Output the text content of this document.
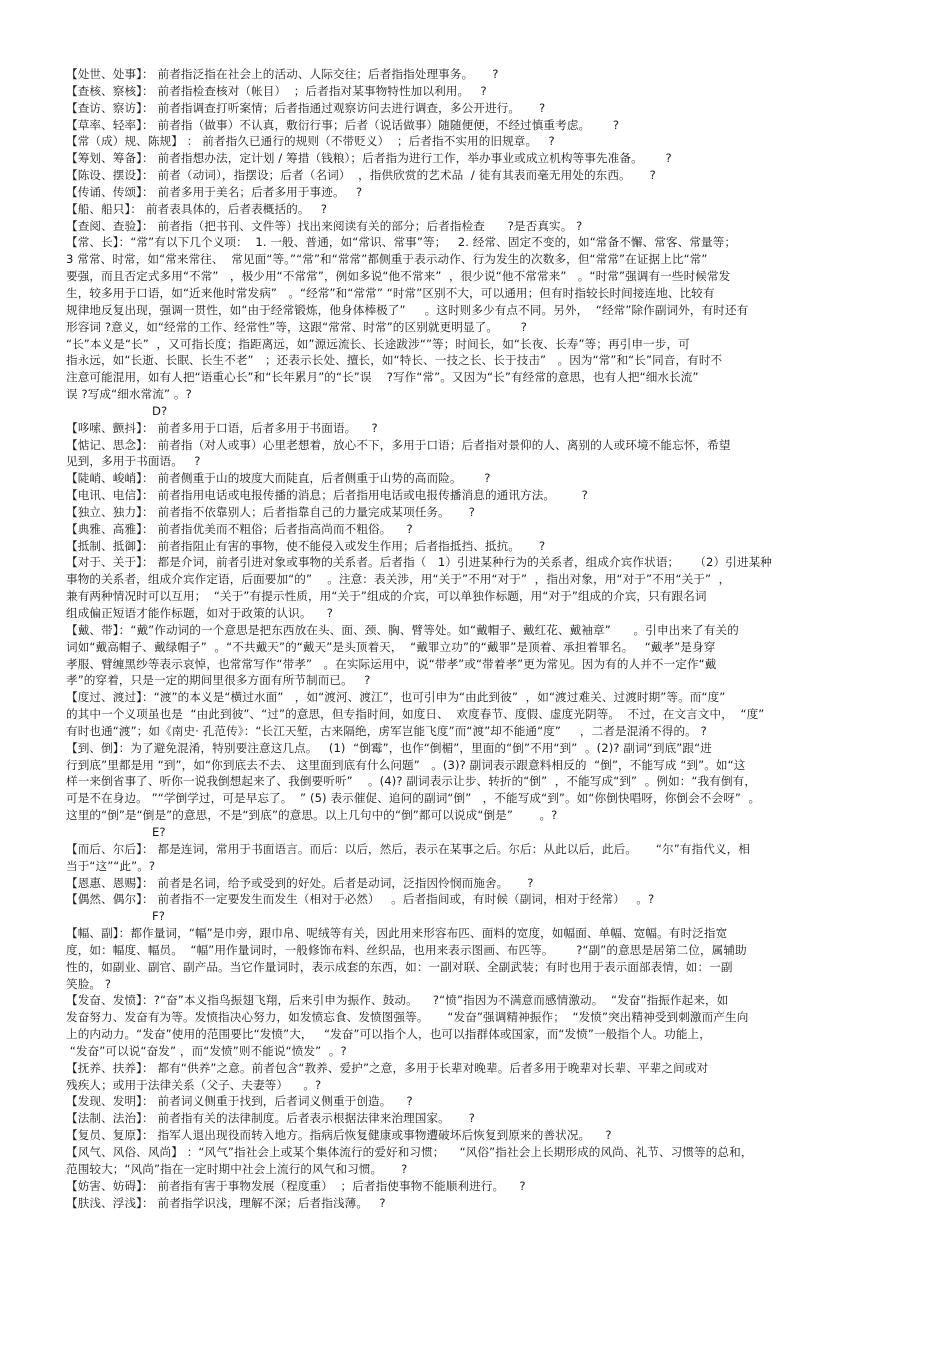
【处世、处事】： 前者指泛指在社会上的活动、人际交往；后者指指处理事务。     ?
【查核、察核】： 前者指检查核对（帐目）  ；后者指对某事物特性加以利用。   ?
【查访、察访】： 前者指调查打听案情；后者指通过观察访问去进行调查，多公开进行。     ?
【草率、轻率】： 前者指（做事）不认真，敷衍行事；后者（说话做事）随随便便，不经过慎重考虑。      ?
【常（成）规、陈规】 ： 前者指久已通行的规则（不带贬义）  ；后者指不实用的旧规章。   ?
【筹划、筹备】： 前者指想办法，定计划 / 筹措（钱粮）；后者指为进行工作，举办事业或成立机构等事先准备。      ?
【陈设、摆设】： 前者（动词），指摆设；后者（名词）  ，指供欣赏的艺术品  / 徒有其表而毫无用处的东西。     ?
【传诵、传颂】： 前者多用于美名；后者多用于事迹。   ?
【船、船只】： 前者表具体的，后者表概括的。   ?
【查阅、查验】： 前者指（把书刊、文件等）找出来阅读有关的部分；后者指检查      ?是否真实。 ?
【常、长】：“常”有以下几个义项：  1. 一般、普通，如“常识、常事”等；   2. 经常、固定不变的，如“常备不懈、常客、常量等；
3 常常、时常，如“常来常往、  常见面“等。”“常”和“常常”都侧重于表示动作、行为发生的次数多，但“常常”在证据上比“常”
要强，而且否定式多用“不常”   ，极少用“不常常”，例如多说“他不常来”  ，很少说“他不常常来”   。“时常”强调有一些时候常发
生，较多用于口语，如“近来他时常发病”   。“经常”和“常常” “时常”区别不大，可以通用；但有时指较长时间接连地、比较有
规律地反复出现，强调一贯性，如“由于经常锻炼，他身体棒极了”     。这时则多少有点不同。另外，  “经常”除作副词外，有时还有
形容词 ?意义，如“经常的工作、经常性”等，这跟“常常、时常”的区别就更明显了。      ?
“长”本义是“长”  ，又可指长度；指距离远，如”源远流长、长途跋涉“”等；时间长，如“长夜、长寿”等；再引申一步，可
指永远，如“长逝、长眠、长生不老”   ；还表示长处、擅长，如“特长、一技之长、长于技击”   。因为“常”和“长”同音，有时不
注意可能混用，如有人把“语重心长”和“长年累月”的“长”误    ?写作“常”。又因为“长”有经常的意思，也有人把“细水长流”
误 ?写成“细水常流” 。?
D?
【哆嗦、颤抖】： 前者多用于口语，后者多用于书面语。    ?
【惦记、思念】： 前者指（对人或事）心里老想着，放心不下，多用于口语；后者指对景仰的人、离别的人或环境不能忘怀，希望
见到，多用于书面语。   ?
【陡峭、峻峭】： 前者侧重于山的坡度大而陡直，后者侧重于山势的高而险。      ?
【电讯、电信】： 前者指用电话或电报传播的消息；后者指用电话或电报传播消息的通讯方法。       ?
【独立、独力】： 前者指不依靠别人；后者指靠自己的力量完成某项任务。     ?
【典雅、高雅】： 前者指优美而不粗俗；后者指高尚而不粗俗。    ?
【抵制、抵御】： 前者指阻止有害的事物，使不能侵入或发生作用；后者指抵挡、抵抗。     ?
【对于、关于】： 都是介词，前者引进对象或事物的关系者。后者指（   1）引进某种行为的关系者，组成介宾作状语；    （2）引进某种
事物的关系者，组成介宾作定语，后面要加“的”    。注意：表关涉，用“关于”不用“对于”  ，指出对象，用“对于”不用“关于”  ，
兼有两种情况时可以互用；  “关于”有提示性质，用“关于”组成的介宾，可以单独作标题，用“对于”组成的介宾，只有跟名词
组成偏正短语才能作标题，如对于政策的认识。    ?
【戴、带】：“戴”作动词的一个意思是把东西放在头、面、颈、胸、臂等处。如“戴帽子、戴红花、戴袖章”      。引申出来了有关的
词如“戴高帽子、戴绿帽子”  。“不共戴天”的“戴天”是头顶着天，  “戴罪立功”的“戴罪”是顶着、承担着罪名。   “戴孝”是身穿
孝服、臂缠黑纱等表示哀悼，也常常写作“带孝”   。在实际运用中，说“带孝”或“带着孝”更为常见。因为有的人并不一定作“戴
孝”的穿着，只是一定的期间里很多方面有所节制而已。   ?
【度过、渡过】：“渡”的本义是“横过水面”   ，如“渡河、渡江”，也可引申为“由此到彼”  ，如“渡过难关、过渡时期”等。而“度”
的其中一个义项虽也是  “由此到彼”、“过”的意思，但专指时间，如度日、  欢度春节、度假、虚度光阴等。  不过，在文言文中，  “度”
有时也通“渡”；如《南史· 孔范传》：“长江天堑，古来隔绝，虏军岂能飞度”而“渡”却不能通“度”     ，二者是混淆不得的。 ?
【到、倒】：为了避免混淆，特别要注意这几点。   (1)  “倒霉”，也作“倒楣”，里面的“倒”不用“到”  。(2)? 副词“到底”跟“进
行到底”里都是用 “到”，如“你到底去不去、 这里面到底有什么问题”   。(3)? 副词表示跟意料相反的  “倒”，不能写成 “到”。如“这
样一来倒省事了、听你一说我倒想起来了、我倒要听听”    。(4)? 副词表示让步、转折的“倒”  ，不能写成“到”  。例如：“我有倒有，
可是不在身边。 ”“学倒学过，可是早忘了。  ” (5) 表示催促、追问的副词“倒”   ，不能写成“到”。如“你倒快唱呀，你倒会不会呀”  。
这里的“倒”是“倒是”的意思，不是“到底”的意思。以上几句中的“倒”都可以说成“倒是”       。?
E?
【而后、尔后】： 都是连词，常用于书面语言。而后：以后，然后，表示在某事之后。尔后：从此以后，此后。     “尔”有指代义，相
当于“这”“此”。?
【恩惠、恩赐】： 前者是名词，给予或受到的好处。后者是动词，泛指因怜悯而施舍。     ?
【偶然、偶尔】： 前者指不一定要发生而发生（相对于必然）   。后者指间或，有时候（副词，相对于经常）   。?
F?
【幅、副】：都作量词，“幅”是巾旁，跟巾帛、呢绒等有关，因此用来形容布匹、面料的宽度，如幅面、单幅、宽幅。有时泛指宽
度，如：幅度、幅员。  “幅”用作量词时，一般修饰布料、丝织品，也用来表示图画、布匹等。      ?“副”的意思是居第二位，属辅助
性的，如副业、副官、副产品。当它作量词时，表示成套的东西，如：一副对联、全副武装；有时也用于表示面部表情，如：一副
笑脸。 ?
【发奋、发愤】：?“奋”本义指鸟振翅飞翔，后来引申为振作、鼓动。    ?“愤”指因为不满意而感情激动。  “发奋”指振作起来，如
发奋努力、发奋有为等。发愤指决心努力，如发愤忘食、发愤图强等。     “发奋”强调精神振作；  “发愤”突出精神受到刺激而产生向
上的内动力。“发奋”使用的范围要比“发愤”大，   “发奋”可以指个人，也可以指群体或国家，而“发愤”一般指个人。功能上，
“发奋”可以说“奋发” ，而“发愤”则不能说“愤发”  。?
【抚养、扶养】： 都有“供养”之意。前者包含“教养、爱护”之意，多用于长辈对晚辈。后者多用于晚辈对长辈、平辈之间或对
残疾人；或用于法律关系（父子、夫妻等）    。?
【发现、发明】： 前者词义侧重于找到，后者词义侧重于创造。    ?
【法制、法治】： 前者指有关的法律制度。后者表示根据法律来治理国家。     ?
【复员、复原】： 指军人退出现役而转入地方。指病后恢复健康或事物遭破坏后恢复到原来的善状况。    ?
【风气、风俗、风尚】 ：“风气”指社会上或某个集体流行的爱好和习惯；    “风俗”指社会上长期形成的风尚、礼节、习惯等的总和，
范围较大；“风尚”指在一定时期中社会上流行的风气和习惯。     ?
【妨害、妨碍】： 前者指有害于事物发展（程度重）  ；后者指使事物不能顺利进行。    ?
【肤浅、浮浅】： 前者指学识浅，理解不深；后者指浅薄。   ?
